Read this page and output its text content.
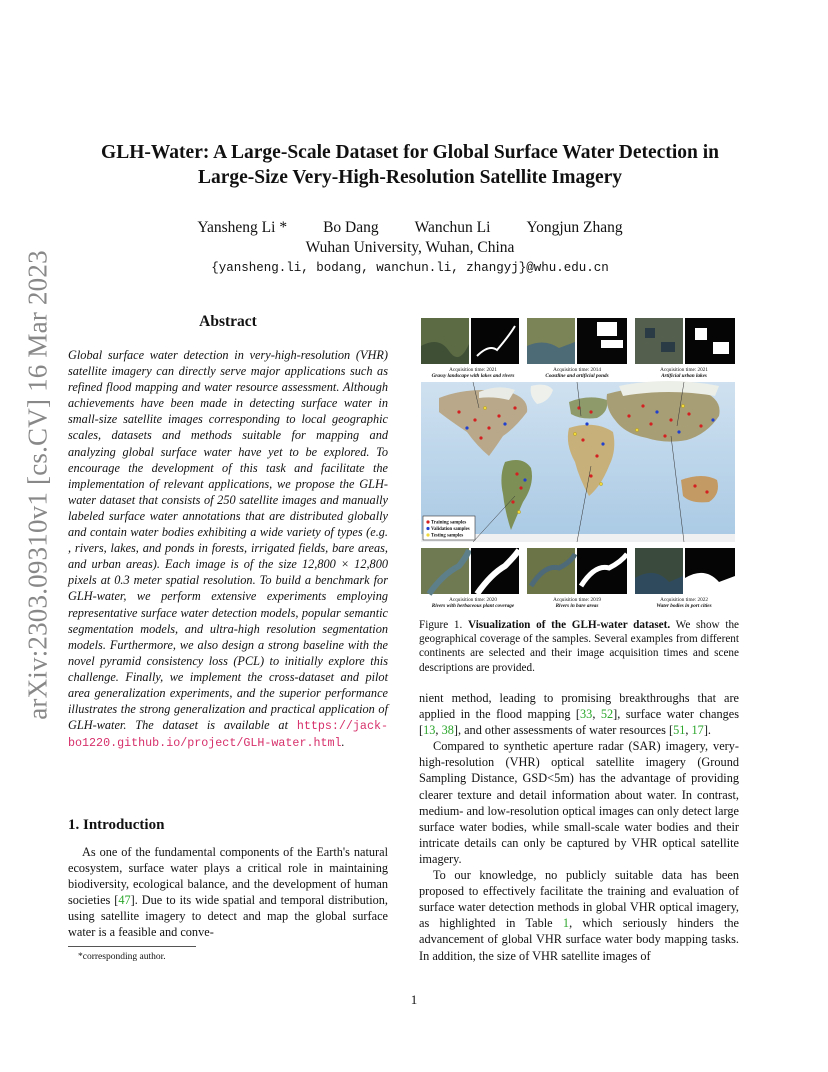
arXiv:2303.09310v1 [cs.CV] 16 Mar 2023
GLH-Water: A Large-Scale Dataset for Global Surface Water Detection in
Large-Size Very-High-Resolution Satellite Imagery
Yansheng Li * Bo Dang Wanchun Li Yongjun Zhang
Wuhan University, Wuhan, China
{yansheng.li, bodang, wanchun.li, zhangyj}@whu.edu.cn
Abstract
Global surface water detection in very-high-resolution (VHR) satellite imagery can directly serve major applications such as refined flood mapping and water resource assessment. Although achievements have been made in detecting surface water in small-size satellite images corresponding to local geographic scales, datasets and methods suitable for mapping and analyzing global surface water have yet to be explored. To encourage the development of this task and facilitate the implementation of relevant applications, we propose the GLH-water dataset that consists of 250 satellite images and manually labeled surface water annotations that are distributed globally and contain water bodies exhibiting a wide variety of types (e.g. , rivers, lakes, and ponds in forests, irrigated fields, bare areas, and urban areas). Each image is of the size 12,800 × 12,800 pixels at 0.3 meter spatial resolution. To build a benchmark for GLH-water, we perform extensive experiments employing representative surface water detection models, popular semantic segmentation models, and ultra-high resolution segmentation models. Furthermore, we also design a strong baseline with the novel pyramid consistency loss (PCL) to initially explore this challenge. Finally, we implement the cross-dataset and pilot area generalization experiments, and the superior performance illustrates the strong generalization and practical application of GLH-water. The dataset is available at https://jack-bo1220.github.io/project/GLH-water.html.
1. Introduction

As one of the fundamental components of the Earth's natural ecosystem, surface water plays a critical role in maintaining biodiversity, ecological balance, and the development of human societies [47]. Due to its wide spatial and temporal distribution, using satellite imagery to detect and map the global surface water is a feasible and conve-

*corresponding author.
Acquisition time: 2021
Grassy landscape with lakes and rivers
Acquisition time: 2014
Coastline and artificial ponds
Acquisition time: 2021
Artificial urban lakes
Training samples
Validation samples
Testing samples
Acquisition time: 2020
Rivers with herbaceous plant coverage
Acquisition time: 2019
Rivers in bare areas
Acquisition time: 2022
Water bodies in port cities
Figure 1. Visualization of the GLH-water dataset. We show the geographical coverage of the samples. Several examples from different continents are selected and their image acquisition times and scene descriptions are provided.

nient method, leading to promising breakthroughs that are applied in the flood mapping [33, 52], surface water changes [13, 38], and other assessments of water resources [51, 17].

Compared to synthetic aperture radar (SAR) imagery, very-high-resolution (VHR) optical satellite imagery (Ground Sampling Distance, GSD<5m) has the advantage of providing clearer texture and detail information about water. In contrast, medium- and low-resolution optical images can only detect large surface water bodies, while small-scale water bodies and their intricate details can only be captured by VHR optical satellite imagery.

To our knowledge, no publicly suitable data has been proposed to effectively facilitate the training and evaluation of surface water detection methods in global VHR optical imagery, as highlighted in Table 1, which seriously hinders the advancement of global VHR surface water body mapping tasks. In addition, the size of VHR satellite images of

1
